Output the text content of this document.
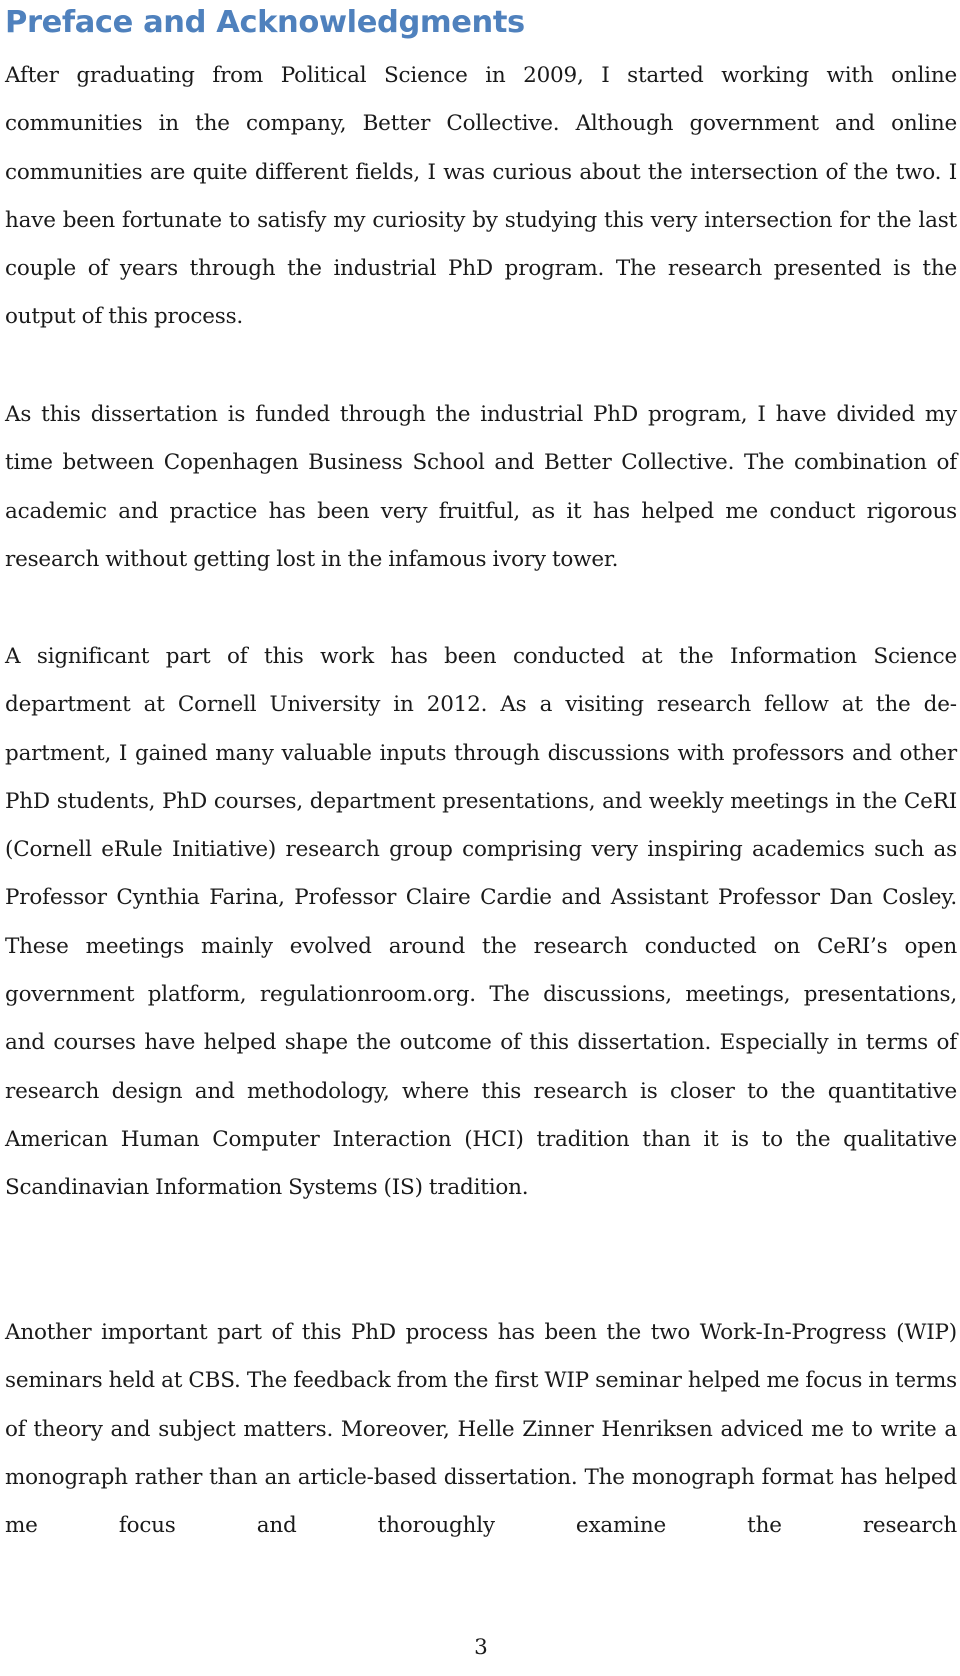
Preface and Acknowledgments

After graduating from Political Science in 2009, I started working with online communities in the company, Better Collective. Although government and online communities are quite different fields, I was curious about the intersection of the two. I have been fortunate to satisfy my curiosity by studying this very intersection for the last couple of years through the industrial PhD program. The research presented is the output of this process.

As this dissertation is funded through the industrial PhD program, I have divided my time between Copenhagen Business School and Better Collective. The combination of academic and practice has been very fruitful, as it has helped me conduct rigorous research without getting lost in the infamous ivory tower.

A significant part of this work has been conducted at the Information Science department at Cornell University in 2012. As a visiting research fellow at the department, I gained many valuable inputs through discussions with professors and other PhD students, PhD courses, department presentations, and weekly meetings in the CeRI (Cornell eRule Initiative) research group comprising very inspiring academics such as Professor Cynthia Farina, Professor Claire Cardie and Assistant Professor Dan Cosley. These meetings mainly evolved around the research conducted on CeRI’s open government platform, regulationroom.org. The discussions, meetings, presentations, and courses have helped shape the outcome of this dissertation. Especially in terms of research design and methodology, where this research is closer to the quantitative American Human Computer Interaction (HCI) tradition than it is to the qualitative Scandinavian Information Systems (IS) tradition.

Another important part of this PhD process has been the two Work-In-Progress (WIP) seminars held at CBS. The feedback from the first WIP seminar helped me focus in terms of theory and subject matters. Moreover, Helle Zinner Henriksen adviced me to write a monograph rather than an article-based dissertation. The monograph format has helped me focus and thoroughly examine the research

3
